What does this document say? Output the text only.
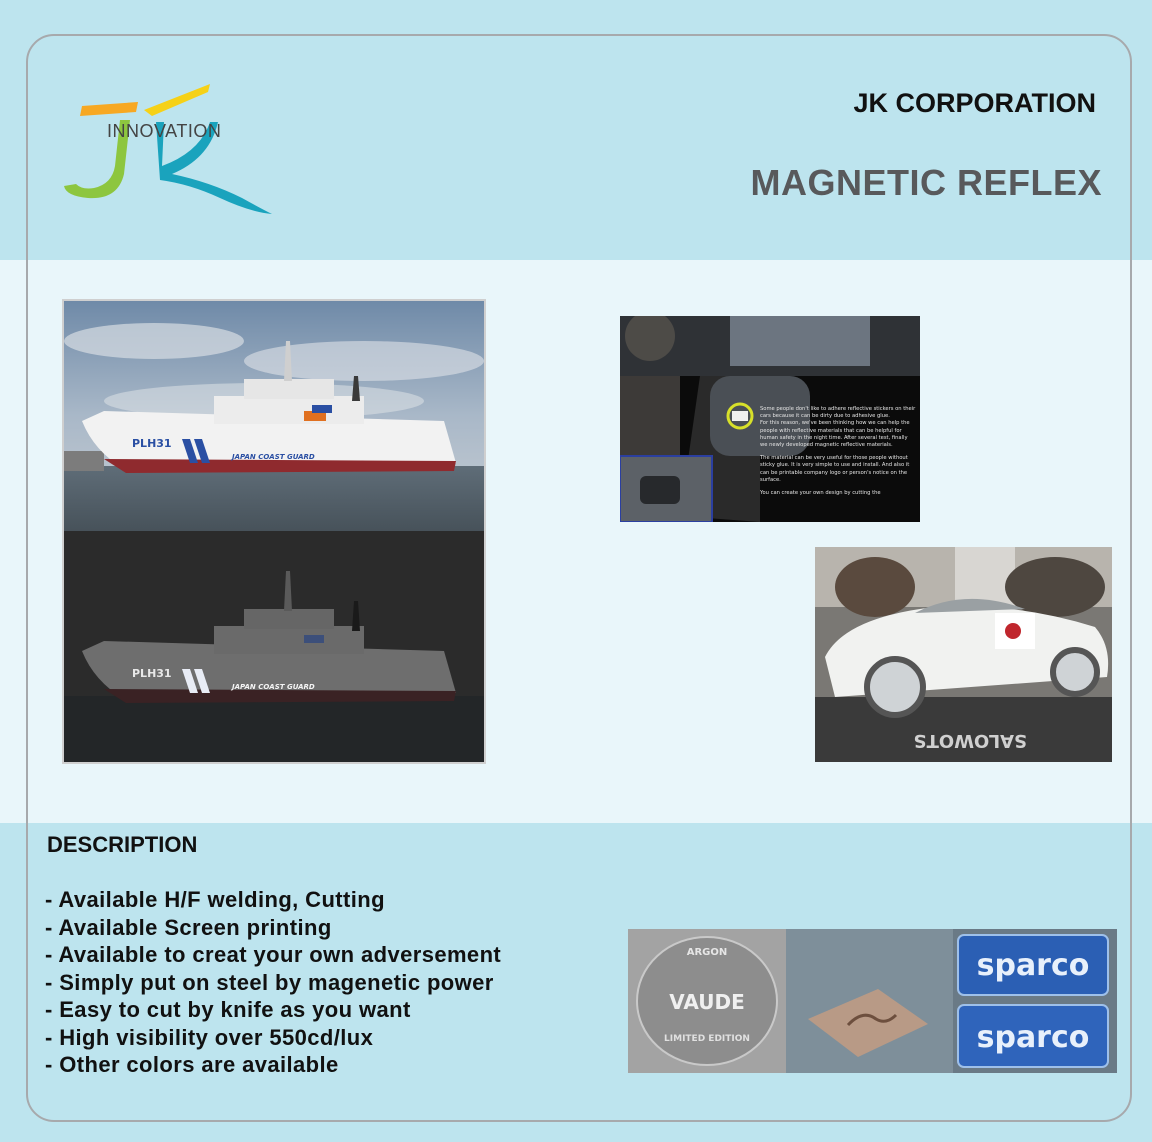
INNOVATION
JK CORPORATION
MAGNETIC REFLEX
PLH31
JAPAN COAST GUARD
PLH31
JAPAN COAST GUARD
Some people don't like to adhere reflective stickers on their cars because it can be dirty due to adhesive glue.
For this reason, we've been thinking how we can help the people with reflective materials that can be helpful for human safety in the night time. After several test, finally we newly developed magnetic reflective materials.
The material can be very useful for those people without sticky glue. It is very simple to use and install. And also it can be printable company logo or person's notice on the surface.
You can create your own design by cutting the
SALOWOTS
DESCRIPTION
- Available H/F welding, Cutting
- Available Screen printing
- Available to creat your own adversement
- Simply put on steel by magenetic power
- Easy to cut by knife as you want
- High visibility over 550cd/lux
- Other colors are available
ARGON
VAUDE
LIMITED EDITION
sparco
sparco
